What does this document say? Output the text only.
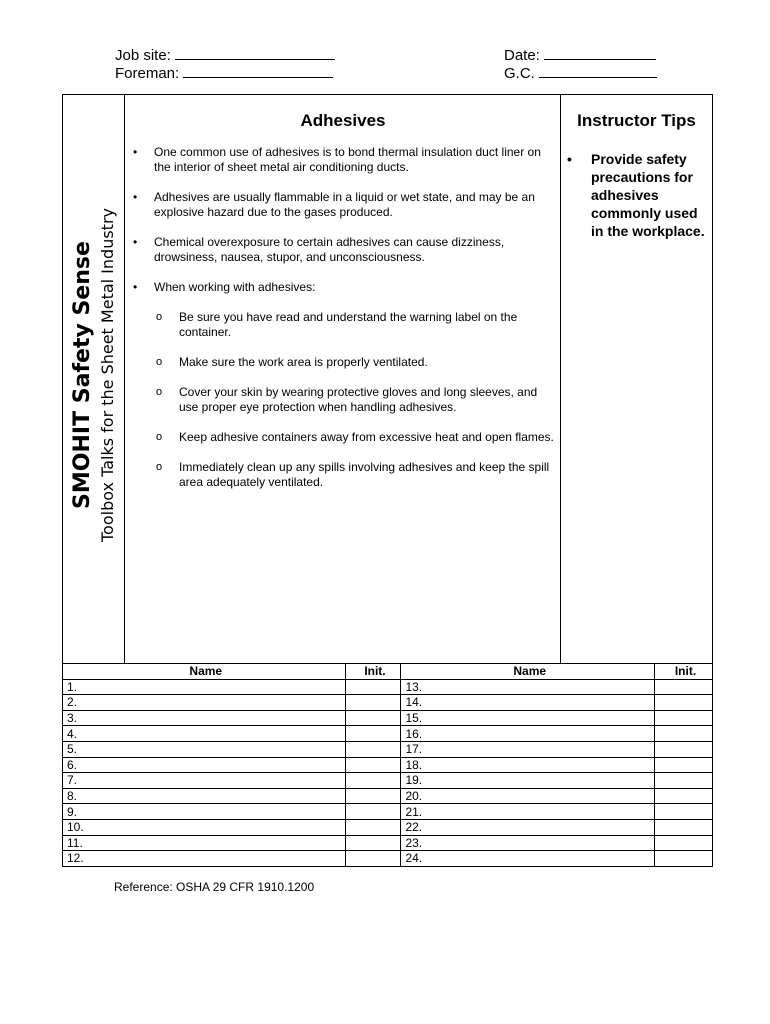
Job site:
Foreman:
Date:
G.C.
SMOHIT Safety Sense Toolbox Talks for the Sheet Metal Industry
Adhesives	Instructor Tips
• One common use of adhesives is to bond thermal insulation duct liner on the interior of sheet metal air conditioning ducts.
• Adhesives are usually flammable in a liquid or wet state, and may be an explosive hazard due to the gases produced.
• Chemical overexposure to certain adhesives can cause dizziness, drowsiness, nausea, stupor, and unconsciousness.
• When working with adhesives:
o Be sure you have read and understand the warning label on the container.
o Make sure the work area is properly ventilated.
o Cover your skin by wearing protective gloves and long sleeves, and use proper eye protection when handling adhesives.
o Keep adhesive containers away from excessive heat and open flames.
o Immediately clean up any spills involving adhesives and keep the spill area adequately ventilated.
• Provide safety precautions for adhesives commonly used in the workplace.
Name	Init.	Name	Init.
1.		13.	
2.		14.	
3.		15.	
4.		16.	
5.		17.	
6.		18.	
7.		19.	
8.		20.	
9.		21.	
10.		22.	
11.		23.	
12.		24.	
Reference: OSHA 29 CFR 1910.1200
